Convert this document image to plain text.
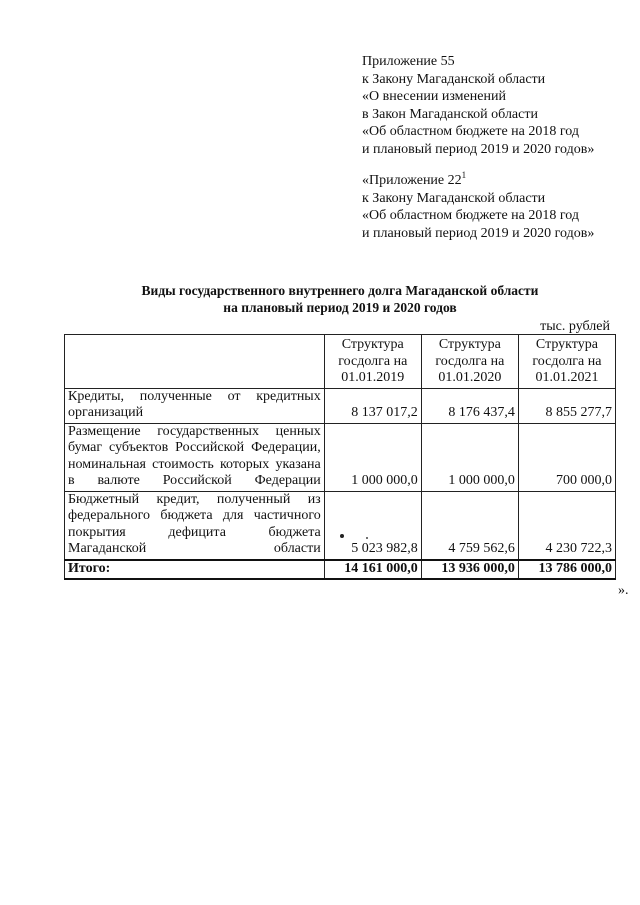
Приложение 55
к Закону Магаданской области
«О внесении изменений
в Закон Магаданской области
«Об областном бюджете на 2018 год
и плановый период 2019 и 2020 годов»
«Приложение $22^1$
к Закону Магаданской области
«Об областном бюджете на 2018 год
и плановый период 2019 и 2020 годов»
Виды государственного внутреннего долга Магаданской области
на плановый период 2019 и 2020 годов
тыс. рублей
	Структура госдолга на 01.01.2019	Структура госдолга на 01.01.2020	Структура госдолга на 01.01.2021
Кредиты, полученные от кредитных организаций	8 137 017,2	8 176 437,4	8 855 277,7
Размещение государственных ценных бумаг субъектов Российской Федерации, номинальная стоимость которых указана в валюте Российской Федерации	1 000 000,0	1 000 000,0	700 000,0
Бюджетный кредит, полученный из федерального бюджета для частичного покрытия дефицита бюджета Магаданской области	5 023 982,8	4 759 562,6	4 230 722,3
Итого:	14 161 000,0	13 936 000,0	13 786 000,0
».
